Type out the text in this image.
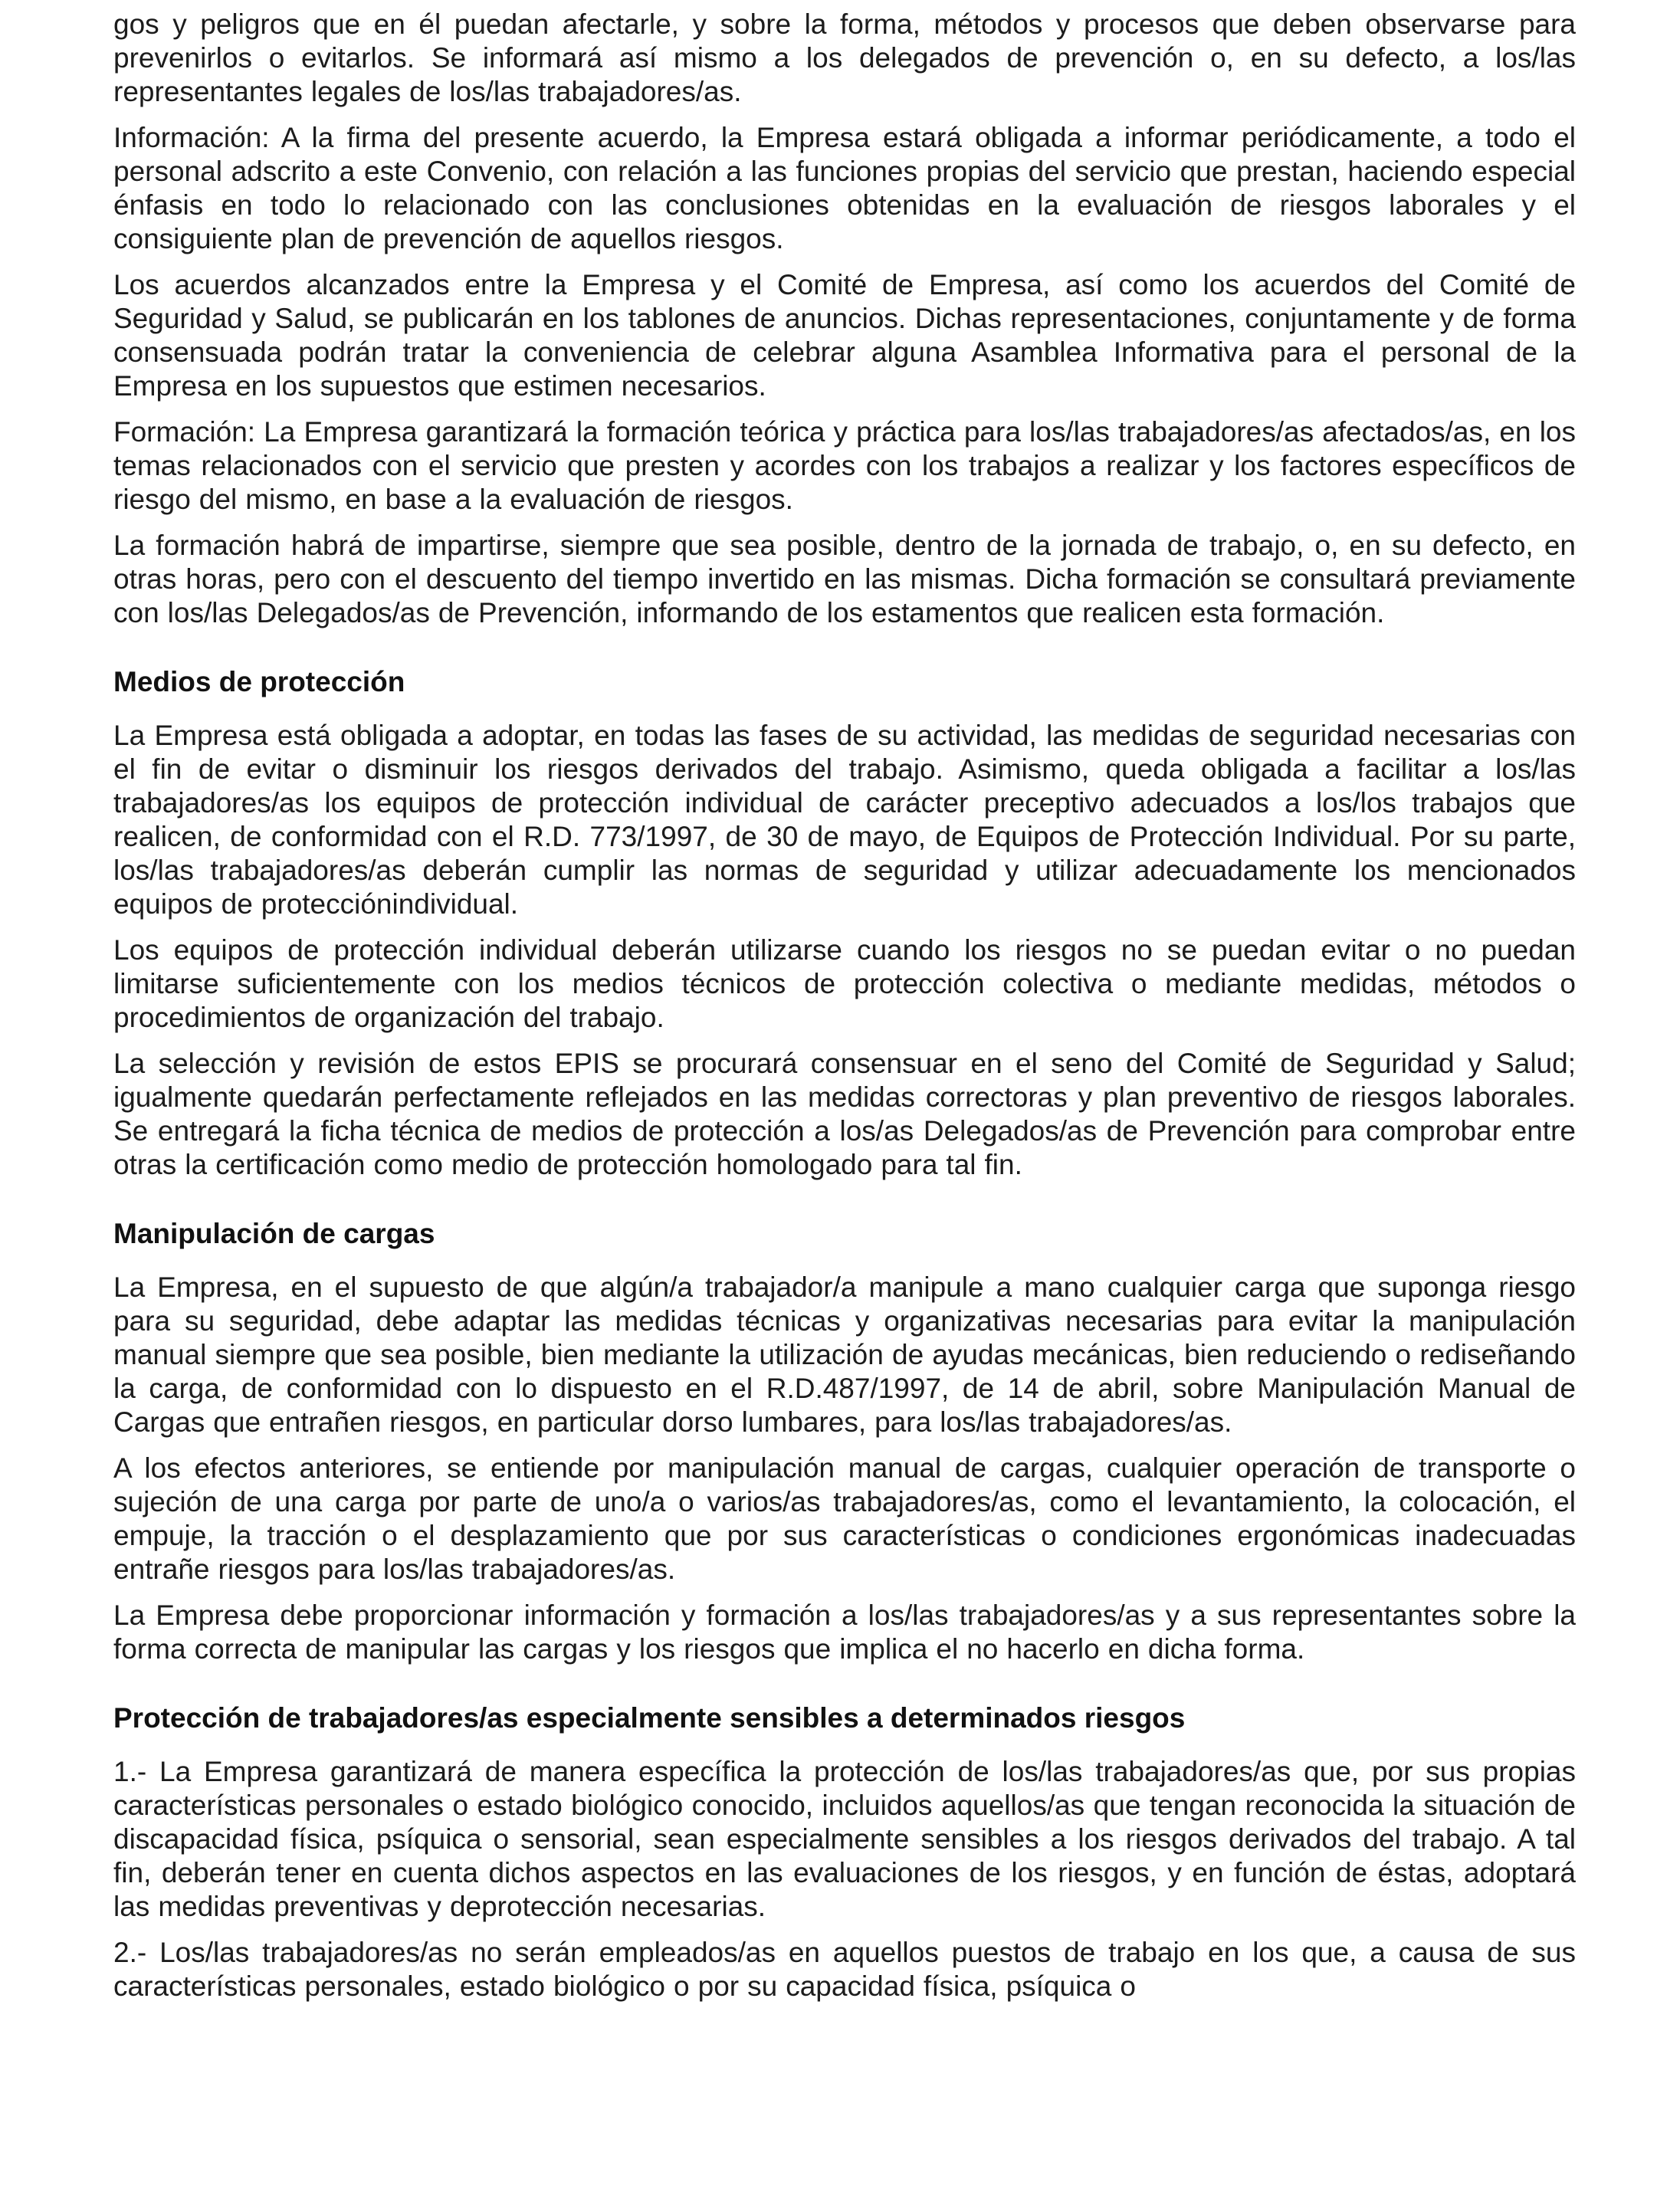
gos y peligros que en él puedan afectarle, y sobre la forma, métodos y procesos que deben observarse para prevenirlos o evitarlos. Se informará así mismo a los delegados de prevención o, en su defecto, a los/las representantes legales de los/las trabajadores/as.

Información: A la firma del presente acuerdo, la Empresa estará obligada a informar periódicamente, a todo el personal adscrito a este Convenio, con relación a las funciones propias del servicio que prestan, haciendo especial énfasis en todo lo relacionado con las conclusiones obtenidas en la evaluación de riesgos laborales y el consiguiente plan de prevención de aquellos riesgos.

Los acuerdos alcanzados entre la Empresa y el Comité de Empresa, así como los acuerdos del Comité de Seguridad y Salud, se publicarán en los tablones de anuncios. Dichas representaciones, conjuntamente y de forma consensuada podrán tratar la conveniencia de celebrar alguna Asamblea Informativa para el personal de la Empresa en los supuestos que estimen necesarios.

Formación: La Empresa garantizará la formación teórica y práctica para los/las trabajadores/as afectados/as, en los temas relacionados con el servicio que presten y acordes con los trabajos a realizar y los factores específicos de riesgo del mismo, en base a la evaluación de riesgos.

La formación habrá de impartirse, siempre que sea posible, dentro de la jornada de trabajo, o, en su defecto, en otras horas, pero con el descuento del tiempo invertido en las mismas. Dicha formación se consultará previamente con los/las Delegados/as de Prevención, informando de los estamentos que realicen esta formación.

Medios de protección

La Empresa está obligada a adoptar, en todas las fases de su actividad, las medidas de seguridad necesarias con el fin de evitar o disminuir los riesgos derivados del trabajo. Asimismo, queda obligada a facilitar a los/las trabajadores/as los equipos de protección individual de carácter preceptivo adecuados a los/los trabajos que realicen, de conformidad con el R.D. 773/1997, de 30 de mayo, de Equipos de Protección Individual. Por su parte, los/las trabajadores/as deberán cumplir las normas de seguridad y utilizar adecuadamente los mencionados equipos de protecciónindividual.

Los equipos de protección individual deberán utilizarse cuando los riesgos no se puedan evitar o no puedan limitarse suficientemente con los medios técnicos de protección colectiva o mediante medidas, métodos o procedimientos de organización del trabajo.

La selección y revisión de estos EPIS se procurará consensuar en el seno del Comité de Seguridad y Salud; igualmente quedarán perfectamente reflejados en las medidas correctoras y plan preventivo de riesgos laborales. Se entregará la ficha técnica de medios de protección a los/as Delegados/as de Prevención para comprobar entre otras la certificación como medio de protección homologado para tal fin.

Manipulación de cargas

La Empresa, en el supuesto de que algún/a trabajador/a manipule a mano cualquier carga que suponga riesgo para su seguridad, debe adaptar las medidas técnicas y organizativas necesarias para evitar la manipulación manual siempre que sea posible, bien mediante la utilización de ayudas mecánicas, bien reduciendo o rediseñando la carga, de conformidad con lo dispuesto en el R.D.487/1997, de 14 de abril, sobre Manipulación Manual de Cargas que entrañen riesgos, en particular dorso lumbares, para los/las trabajadores/as.

A los efectos anteriores, se entiende por manipulación manual de cargas, cualquier operación de transporte o sujeción de una carga por parte de uno/a o varios/as trabajadores/as, como el levantamiento, la colocación, el empuje, la tracción o el desplazamiento que por sus características o condiciones ergonómicas inadecuadas entrañe riesgos para los/las trabajadores/as.

La Empresa debe proporcionar información y formación a los/las trabajadores/as y a sus representantes sobre la forma correcta de manipular las cargas y los riesgos que implica el no hacerlo en dicha forma.

Protección de trabajadores/as especialmente sensibles a determinados riesgos

1.- La Empresa garantizará de manera específica la protección de los/las trabajadores/as que, por sus propias características personales o estado biológico conocido, incluidos aquellos/as que tengan reconocida la situación de discapacidad física, psíquica o sensorial, sean especialmente sensibles a los riesgos derivados del trabajo. A tal fin, deberán tener en cuenta dichos aspectos en las evaluaciones de los riesgos, y en función de éstas, adoptará las medidas preventivas y deprotección necesarias.

2.- Los/las trabajadores/as no serán empleados/as en aquellos puestos de trabajo en los que, a causa de sus características personales, estado biológico o por su capacidad física, psíquica o
